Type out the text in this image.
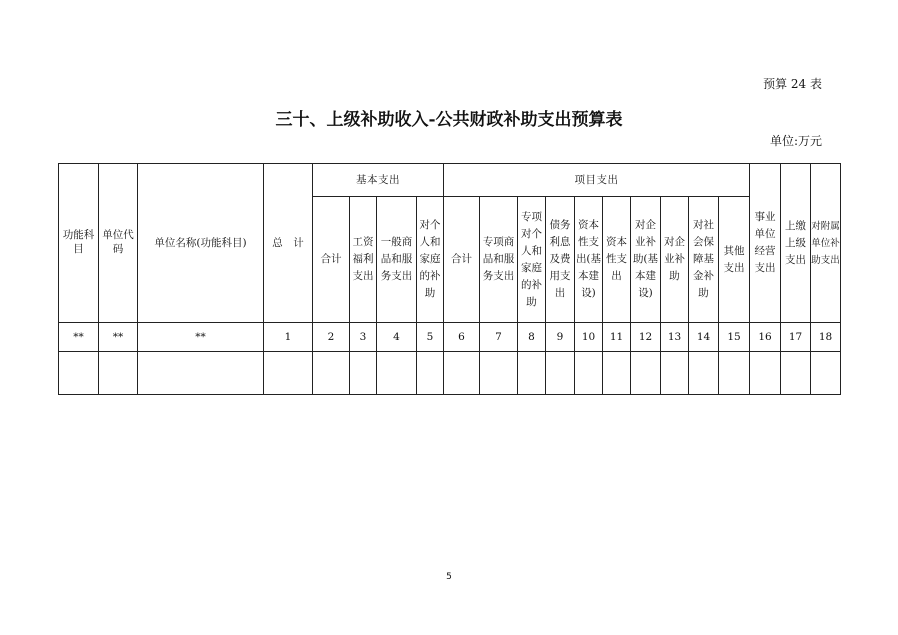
预算 24 表
三十、上级补助收入-公共财政补助支出预算表
单位:万元
功能科目	单位代码	单位名称(功能科目)	总　计	基本支出				项目支出										事业单位经营支出	上缴上级支出	对附属单位补助支出
				合计	工资福利支出	一般商品和服务支出	对个人和家庭的补助	合计	专项商品和服务支出	专项对个人和家庭的补助	债务利息及费用支出	资本性支出(基本建设)	资本性支出	对企业补助(基本建设)	对企业补助	对社会保障基金补助	其他支出			
**	**	**	1	2	3	4	5	6	7	8	9	10	11	12	13	14	15	16	17	18

5
